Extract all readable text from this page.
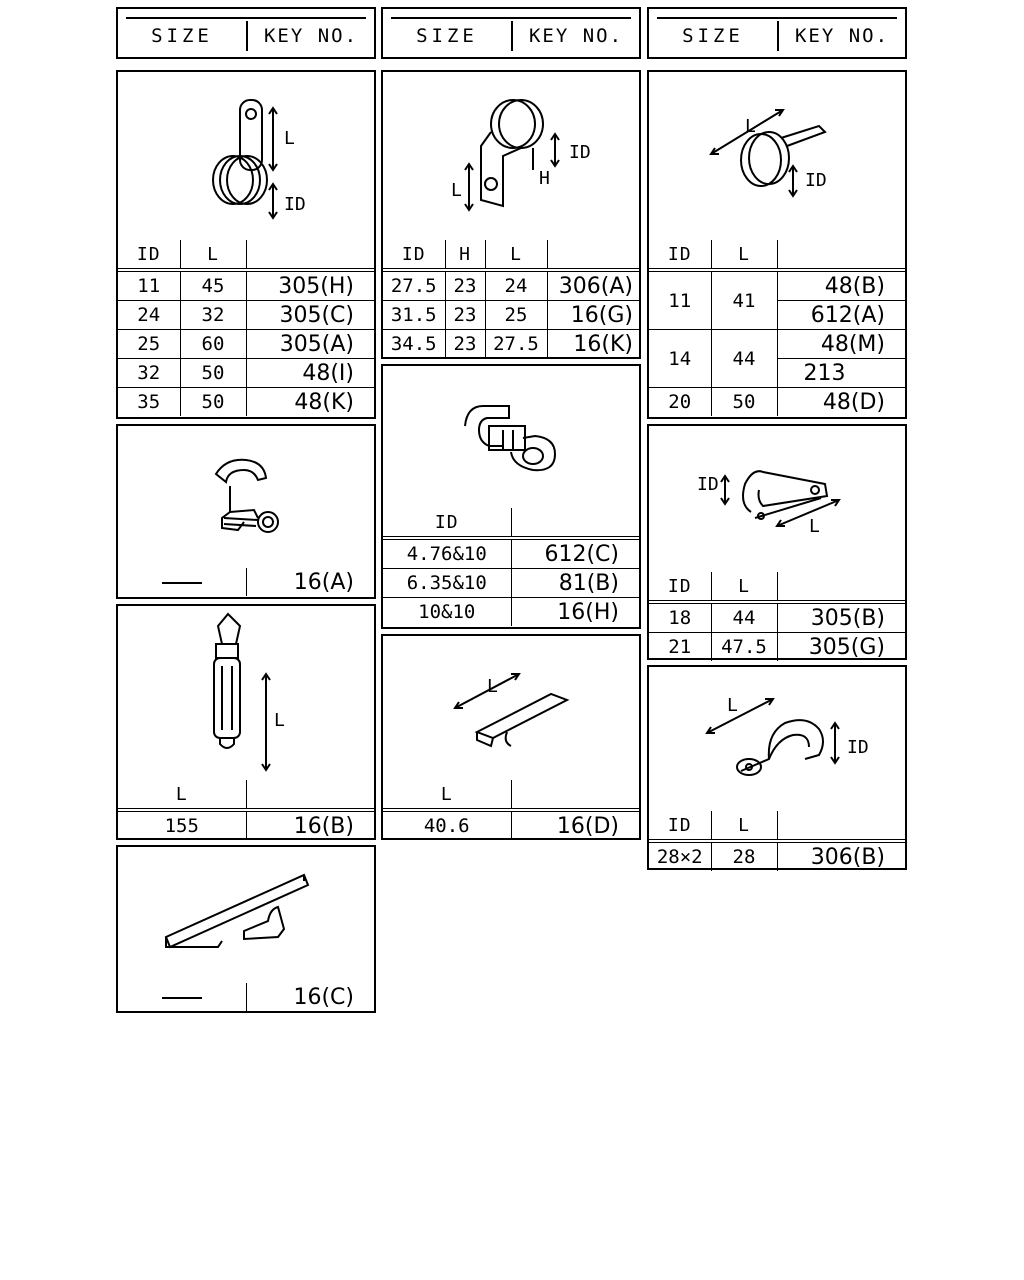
SIZE	KEY NO.	SIZE	KEY NO.	SIZE	KEY NO.
L
ID
ID	L	
11	45	305(H)
24	32	305(C)
25	60	305(A)
32	50	48(I)
35	50	48(K)
	16(A)
L
L	
155	16(B)
	16(C)
ID
H
L
ID	H	L	
27.5	23	24	306(A)
31.5	23	25	16(G)
34.5	23	27.5	16(K)
ID	
4.76&10	612(C)
6.35&10	81(B)
10&10	16(H)
L
L	
40.6	16(D)
L
ID
ID	L	
11	41	48(B)
		612(A)
14	44	48(M)
		213
20	50	48(D)
ID
L
ID	L	
18	44	305(B)
21	47.5	305(G)
L
ID
ID	L	
28×2	28	306(B)
